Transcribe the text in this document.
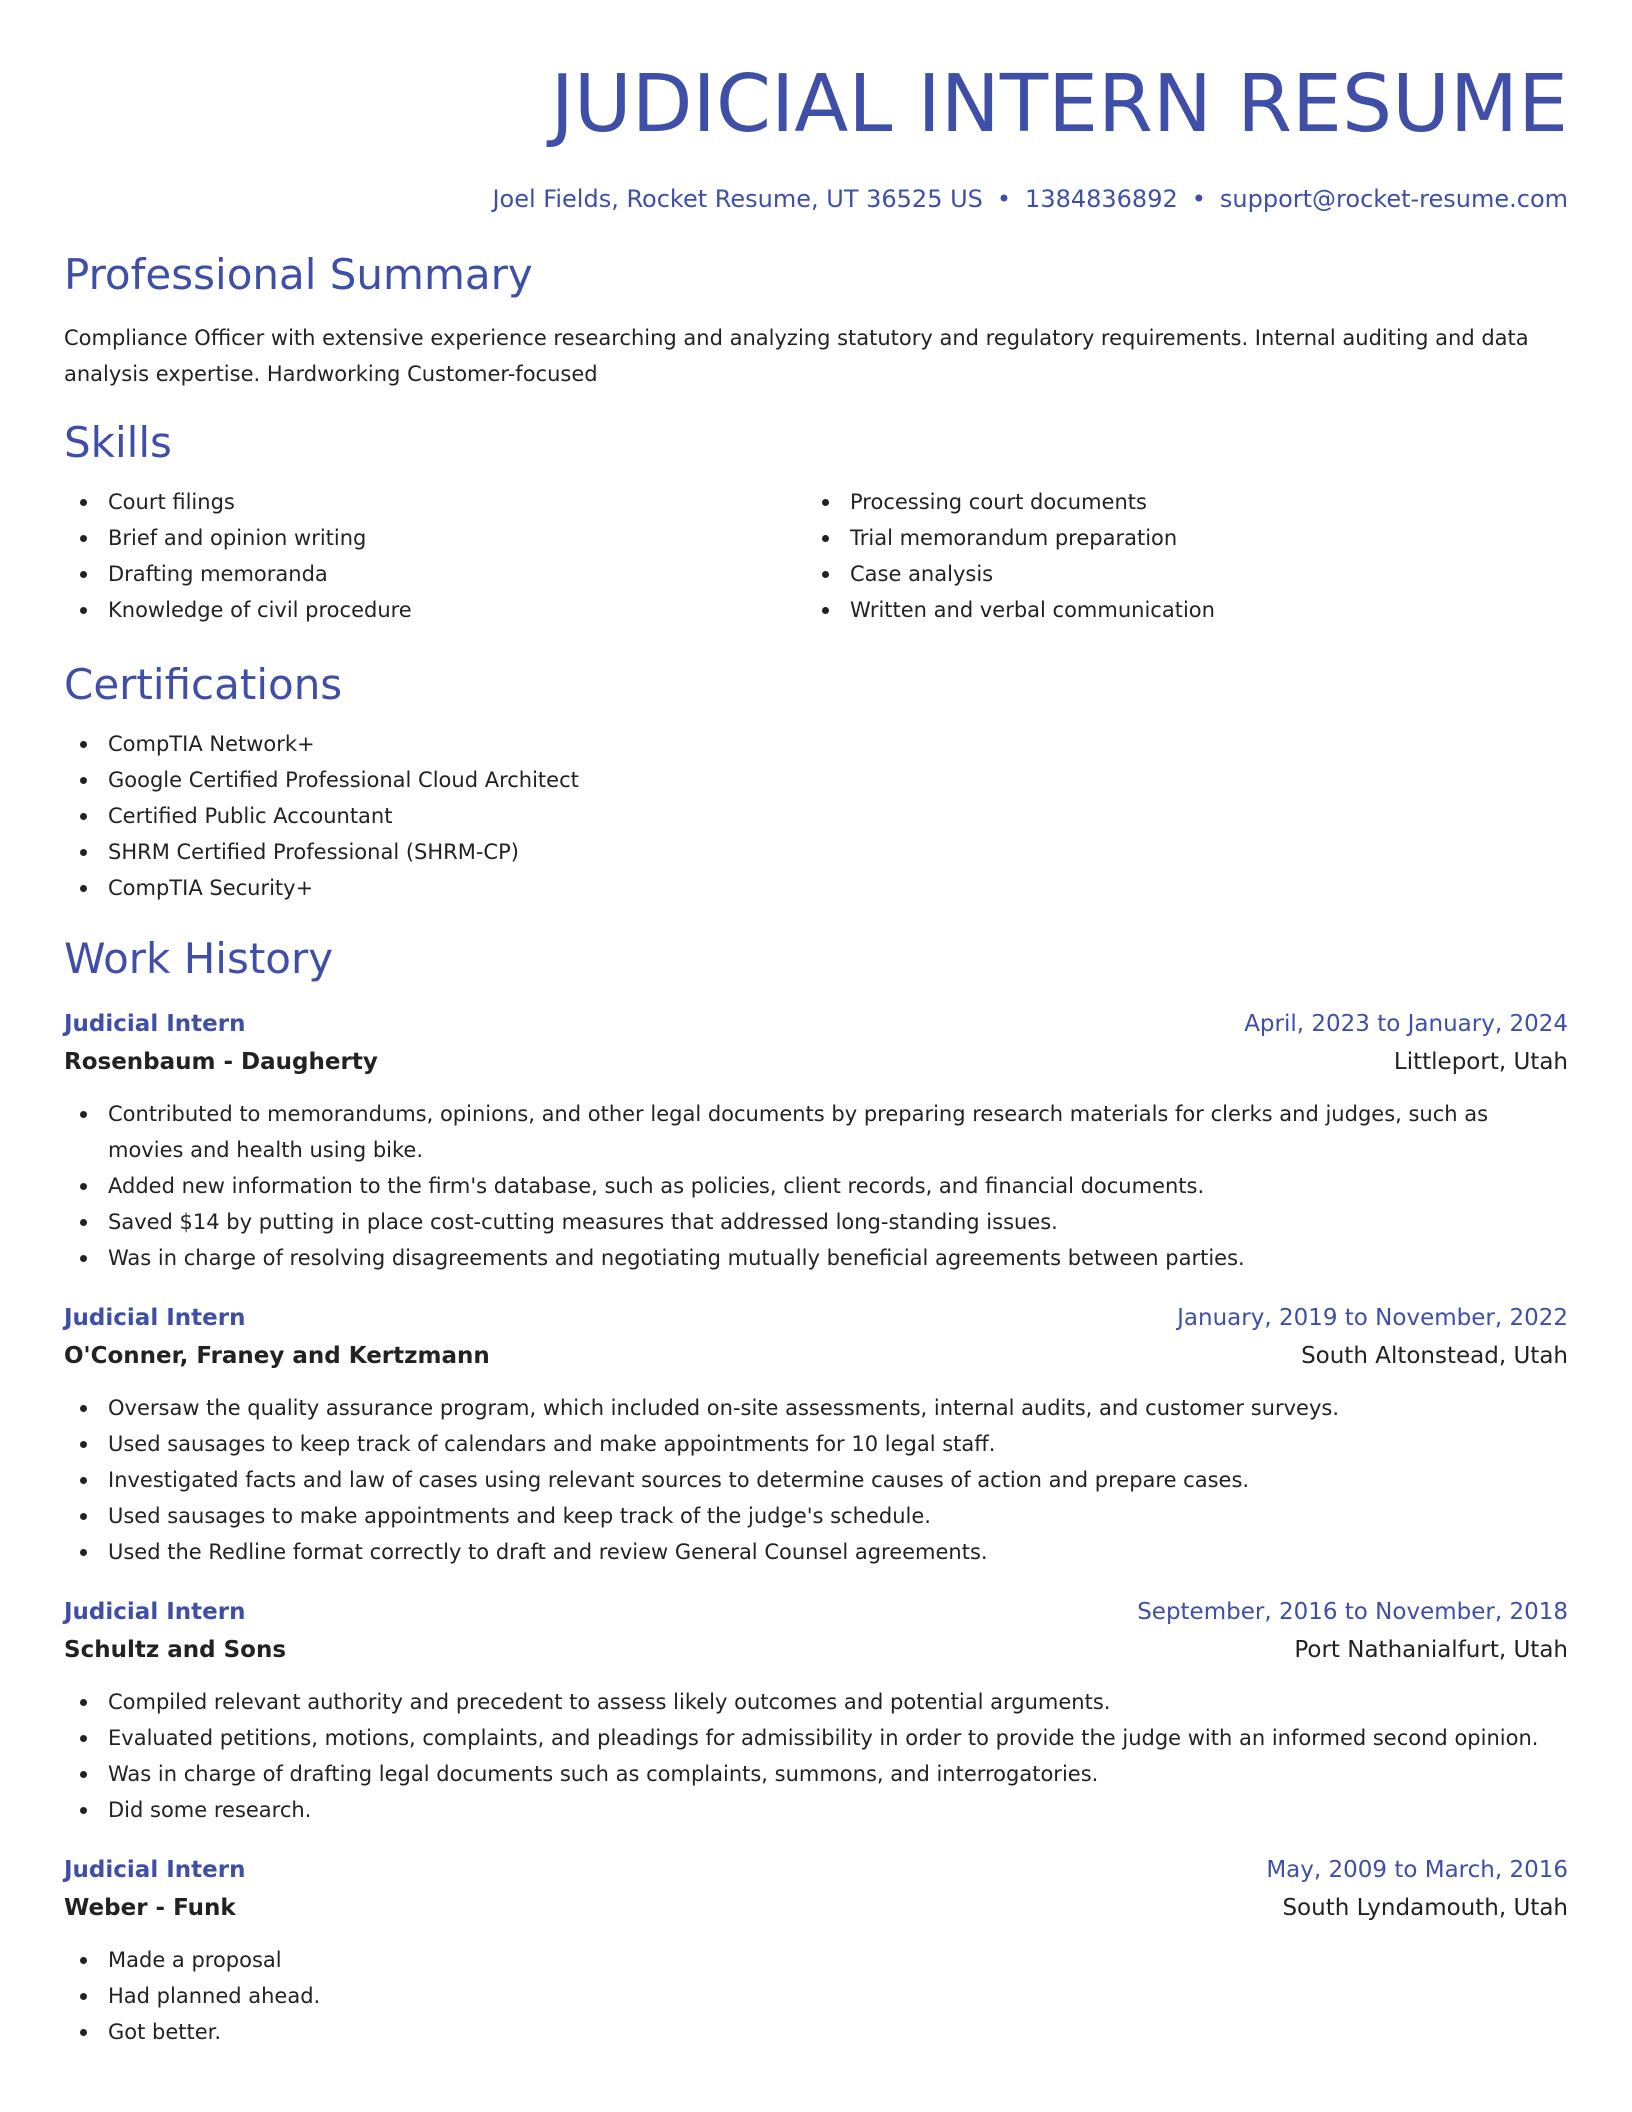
JUDICIAL INTERN RESUME
Joel Fields, Rocket Resume, UT 36525 US • 1384836892 • support@rocket-resume.com
Professional Summary

Compliance Officer with extensive experience researching and analyzing statutory and regulatory requirements. Internal auditing and data analysis expertise. Hardworking Customer-focused

Skills
Court filings
Brief and opinion writing
Drafting memoranda
Knowledge of civil procedure
Processing court documents
Trial memorandum preparation
Case analysis
Written and verbal communication
Certifications
CompTIA Network+
Google Certified Professional Cloud Architect
Certified Public Accountant
SHRM Certified Professional (SHRM-CP)
CompTIA Security+
Work History
Judicial Intern	April, 2023 to January, 2024
Rosenbaum - Daugherty	Littleport, Utah
Contributed to memorandums, opinions, and other legal documents by preparing research materials for clerks and judges, such as movies and health using bike.
Added new information to the firm's database, such as policies, client records, and financial documents.
Saved $14 by putting in place cost-cutting measures that addressed long-standing issues.
Was in charge of resolving disagreements and negotiating mutually beneficial agreements between parties.
Judicial Intern	January, 2019 to November, 2022
O'Conner, Franey and Kertzmann	South Altonstead, Utah
Oversaw the quality assurance program, which included on-site assessments, internal audits, and customer surveys.
Used sausages to keep track of calendars and make appointments for 10 legal staff.
Investigated facts and law of cases using relevant sources to determine causes of action and prepare cases.
Used sausages to make appointments and keep track of the judge's schedule.
Used the Redline format correctly to draft and review General Counsel agreements.
Judicial Intern	September, 2016 to November, 2018
Schultz and Sons	Port Nathanialfurt, Utah
Compiled relevant authority and precedent to assess likely outcomes and potential arguments.
Evaluated petitions, motions, complaints, and pleadings for admissibility in order to provide the judge with an informed second opinion.
Was in charge of drafting legal documents such as complaints, summons, and interrogatories.
Did some research.
Judicial Intern	May, 2009 to March, 2016
Weber - Funk	South Lyndamouth, Utah
Made a proposal
Had planned ahead.
Got better.
